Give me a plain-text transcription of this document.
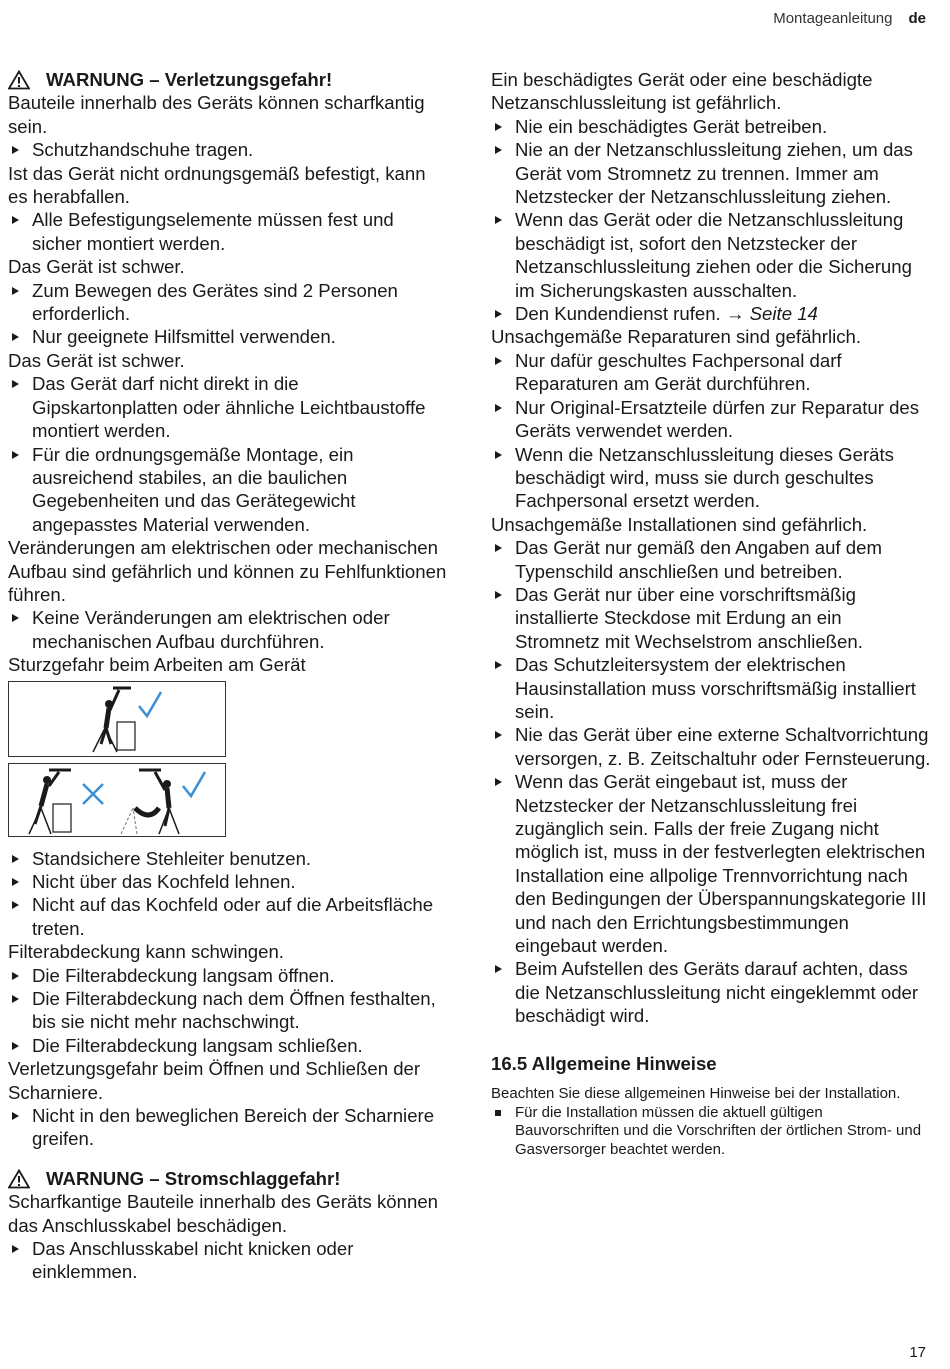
Montageanleitung de

WARNUNG – Verletzungsgefahr!

Bauteile innerhalb des Geräts können scharfkantig sein.

Schutzhandschuhe tragen.

Ist das Gerät nicht ordnungsgemäß befestigt, kann es herabfallen.

Alle Befestigungselemente müssen fest und sicher montiert werden.

Das Gerät ist schwer.

Zum Bewegen des Gerätes sind 2 Personen erforderlich.

Nur geeignete Hilfsmittel verwenden.

Das Gerät ist schwer.

Das Gerät darf nicht direkt in die Gipskartonplatten oder ähnliche Leichtbaustoffe montiert werden.

Für die ordnungsgemäße Montage, ein ausreichend stabiles, an die baulichen Gegebenheiten und das Gerätegewicht angepasstes Material verwenden.

Veränderungen am elektrischen oder mechanischen Aufbau sind gefährlich und können zu Fehlfunktionen führen.

Keine Veränderungen am elektrischen oder mechanischen Aufbau durchführen.

Sturzgefahr beim Arbeiten am Gerät

Standsichere Stehleiter benutzen.

Nicht über das Kochfeld lehnen.

Nicht auf das Kochfeld oder auf die Arbeitsfläche treten.

Filterabdeckung kann schwingen.

Die Filterabdeckung langsam öffnen.

Die Filterabdeckung nach dem Öffnen festhalten, bis sie nicht mehr nachschwingt.

Die Filterabdeckung langsam schließen.

Verletzungsgefahr beim Öffnen und Schließen der Scharniere.

Nicht in den beweglichen Bereich der Scharniere greifen.

WARNUNG – Stromschlaggefahr!

Scharfkantige Bauteile innerhalb des Geräts können das Anschlusskabel beschädigen.

Das Anschlusskabel nicht knicken oder einklemmen.

Ein beschädigtes Gerät oder eine beschädigte Netzanschlussleitung ist gefährlich.

Nie ein beschädigtes Gerät betreiben.

Nie an der Netzanschlussleitung ziehen, um das Gerät vom Stromnetz zu trennen. Immer am Netzstecker der Netzanschlussleitung ziehen.

Wenn das Gerät oder die Netzanschlussleitung beschädigt ist, sofort den Netzstecker der Netzanschlussleitung ziehen oder die Sicherung im Sicherungskasten ausschalten.

Den Kundendienst rufen. → Seite 14

Unsachgemäße Reparaturen sind gefährlich.

Nur dafür geschultes Fachpersonal darf Reparaturen am Gerät durchführen.

Nur Original-Ersatzteile dürfen zur Reparatur des Geräts verwendet werden.

Wenn die Netzanschlussleitung dieses Geräts beschädigt wird, muss sie durch geschultes Fachpersonal ersetzt werden.

Unsachgemäße Installationen sind gefährlich.

Das Gerät nur gemäß den Angaben auf dem Typenschild anschließen und betreiben.

Das Gerät nur über eine vorschriftsmäßig installierte Steckdose mit Erdung an ein Stromnetz mit Wechselstrom anschließen.

Das Schutzleitersystem der elektrischen Hausinstallation muss vorschriftsmäßig installiert sein.

Nie das Gerät über eine externe Schaltvorrichtung versorgen, z. B. Zeitschaltuhr oder Fernsteuerung.

Wenn das Gerät eingebaut ist, muss der Netzstecker der Netzanschlussleitung frei zugänglich sein. Falls der freie Zugang nicht möglich ist, muss in der festverlegten elektrischen Installation eine allpolige Trennvorrichtung nach den Bedingungen der Überspannungskategorie III und nach den Errichtungsbestimmungen eingebaut werden.

Beim Aufstellen des Geräts darauf achten, dass die Netzanschlussleitung nicht eingeklemmt oder beschädigt wird.

16.5 Allgemeine Hinweise

Beachten Sie diese allgemeinen Hinweise bei der Installation.

Für die Installation müssen die aktuell gültigen Bauvorschriften und die Vorschriften der örtlichen Strom- und Gasversorger beachtet werden.

17
